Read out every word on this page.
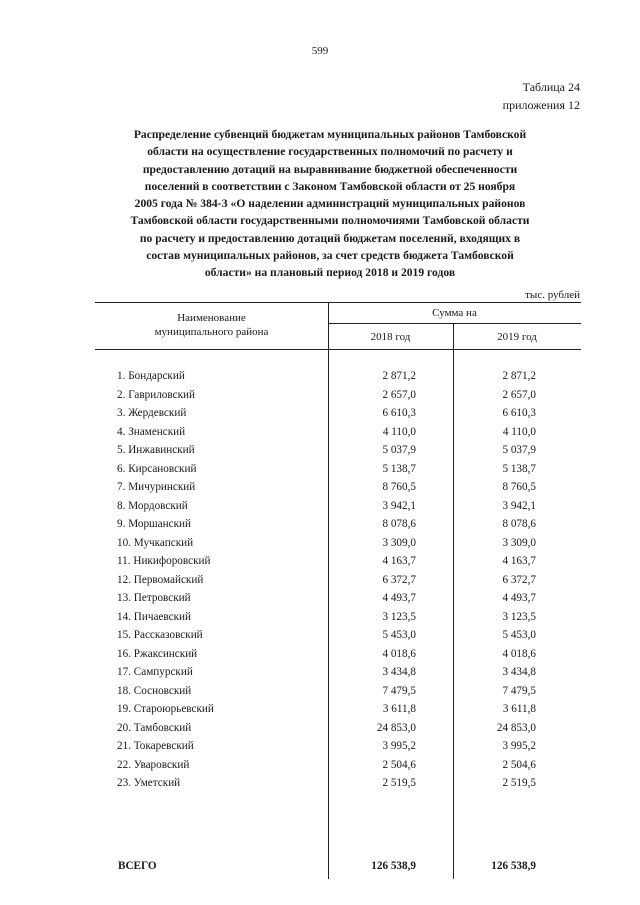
599
Таблица 24
приложения 12
Распределение субвенций бюджетам муниципальных районов Тамбовской
области на осуществление государственных полномочий по расчету и
предоставлению дотаций на выравнивание бюджетной обеспеченности
поселений в соответствии с Законом Тамбовской области от 25 ноября
2005 года № 384-З «О наделении администраций муниципальных районов
Тамбовской области государственными полномочиями Тамбовской области
по расчету и предоставлению дотаций бюджетам поселений, входящих в
состав муниципальных районов, за счет средств бюджета Тамбовской
области» на плановый период 2018 и 2019 годов
тыс. рублей
Наименование
муниципального района
Сумма на
2018 год	2019 год
1. Бондарский	2 871,2	2 871,2
2. Гавриловский	2 657,0	2 657,0
3. Жердевский	6 610,3	6 610,3
4. Знаменский	4 110,0	4 110,0
5. Инжавинский	5 037,9	5 037,9
6. Кирсановский	5 138,7	5 138,7
7. Мичуринский	8 760,5	8 760,5
8. Мордовский	3 942,1	3 942,1
9. Моршанский	8 078,6	8 078,6
10. Мучкапский	3 309,0	3 309,0
11. Никифоровский	4 163,7	4 163,7
12. Первомайский	6 372,7	6 372,7
13. Петровский	4 493,7	4 493,7
14. Пичаевский	3 123,5	3 123,5
15. Рассказовский	5 453,0	5 453,0
16. Ржаксинский	4 018,6	4 018,6
17. Сампурский	3 434,8	3 434,8
18. Сосновский	7 479,5	7 479,5
19. Староюрьевский	3 611,8	3 611,8
20. Тамбовский	24 853,0	24 853,0
21. Токаревский	3 995,2	3 995,2
22. Уваровский	2 504,6	2 504,6
23. Уметский	2 519,5	2 519,5
ВСЕГО	126 538,9	126 538,9
